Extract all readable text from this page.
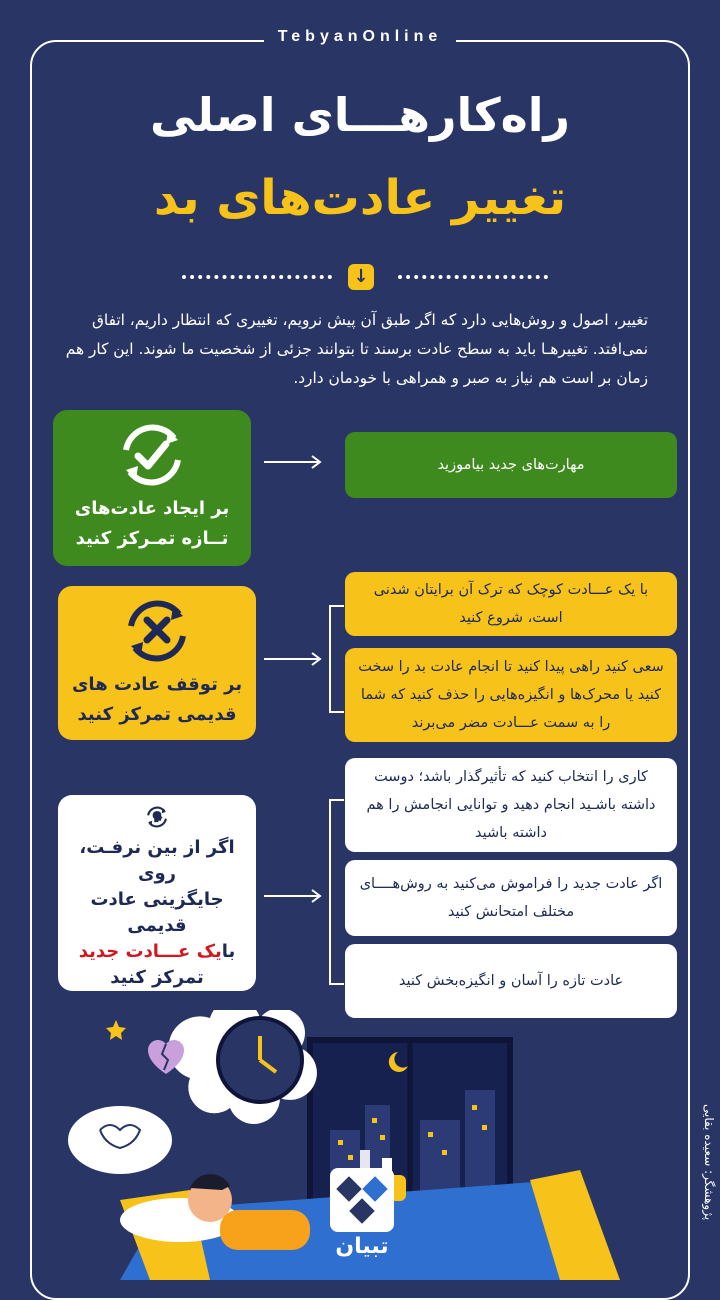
TebyanOnline
راه‌کارهـــای اصلی
تغییر عادت‌های بد
↓
تغییر، اصول و روش‌هایی دارد که اگر طبق آن پیش نرویم، تغییری که انتظار داریم، اتفاق نمی‌افتد. تغییرهـا باید به سطح عادت برسند تا بتوانند جزئی از شخصیت ما شوند. این کار هم زمان بر است هم نیاز به صبر و همراهی با خودمان دارد.
بر ایجاد عادت‌های
تــازه تمـرکز کنید
مهارت‌های جدید بیاموزید
بر توقف عادت های
قدیمی تمرکز کنید
با یک عـــادت کوچک که ترک آن برایتان شدنی است، شروع کنید
سعی کنید راهی پیدا کنید تا انجام عادت بد را سخت کنید یا محرک‌ها و انگیزه‌هایی را حذف کنید که شما را به سمت عـــادت مضر می‌برند
اگر از بین نرفـت، روی
جایگزینی عادت قدیمی
بایک عـــادت جدید
تمرکز کنید
کاری را انتخاب کنید که تأثیرگذار باشد؛ دوست داشته باشـید انجام دهید و توانایی انجامش را هم داشته باشید
اگر عادت جدید را فراموش می‌کنید به روش‌هــــای مختلف امتحانش کنید
عادت تازه را آسان و انگیزه‌بخش کنید
تبیان
پژوهشگر: سعیده بقایی
